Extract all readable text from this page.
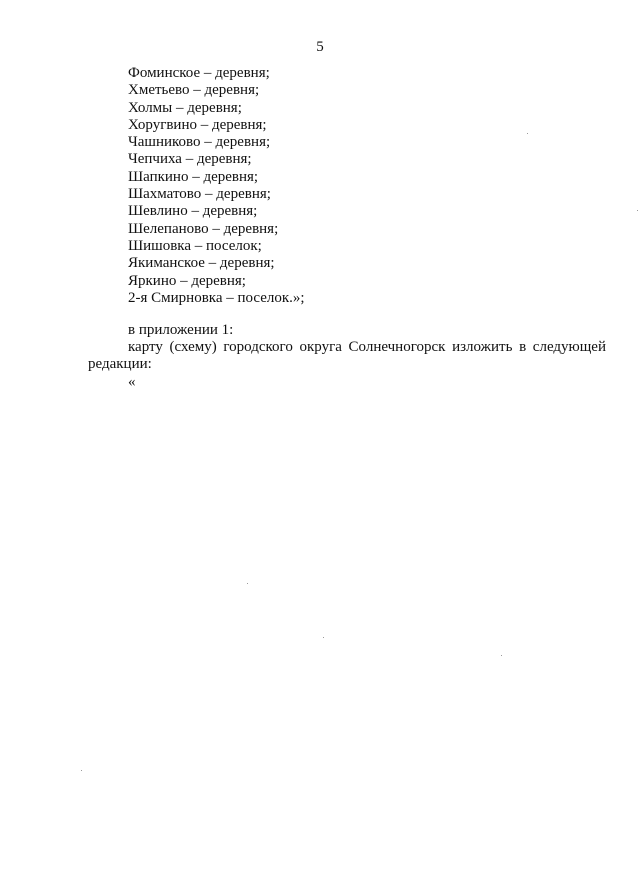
5
Фоминское – деревня;
Хметьево – деревня;
Холмы – деревня;
Хоругвино – деревня;
Чашниково – деревня;
Чепчиха – деревня;
Шапкино – деревня;
Шахматово – деревня;
Шевлино – деревня;
Шелепаново – деревня;
Шишовка – поселок;
Якиманское – деревня;
Яркино – деревня;
2-я Смирновка – поселок.»;

в приложении 1:

карту (схему) городского округа Солнечногорск изложить в следующей

редакции:

«
